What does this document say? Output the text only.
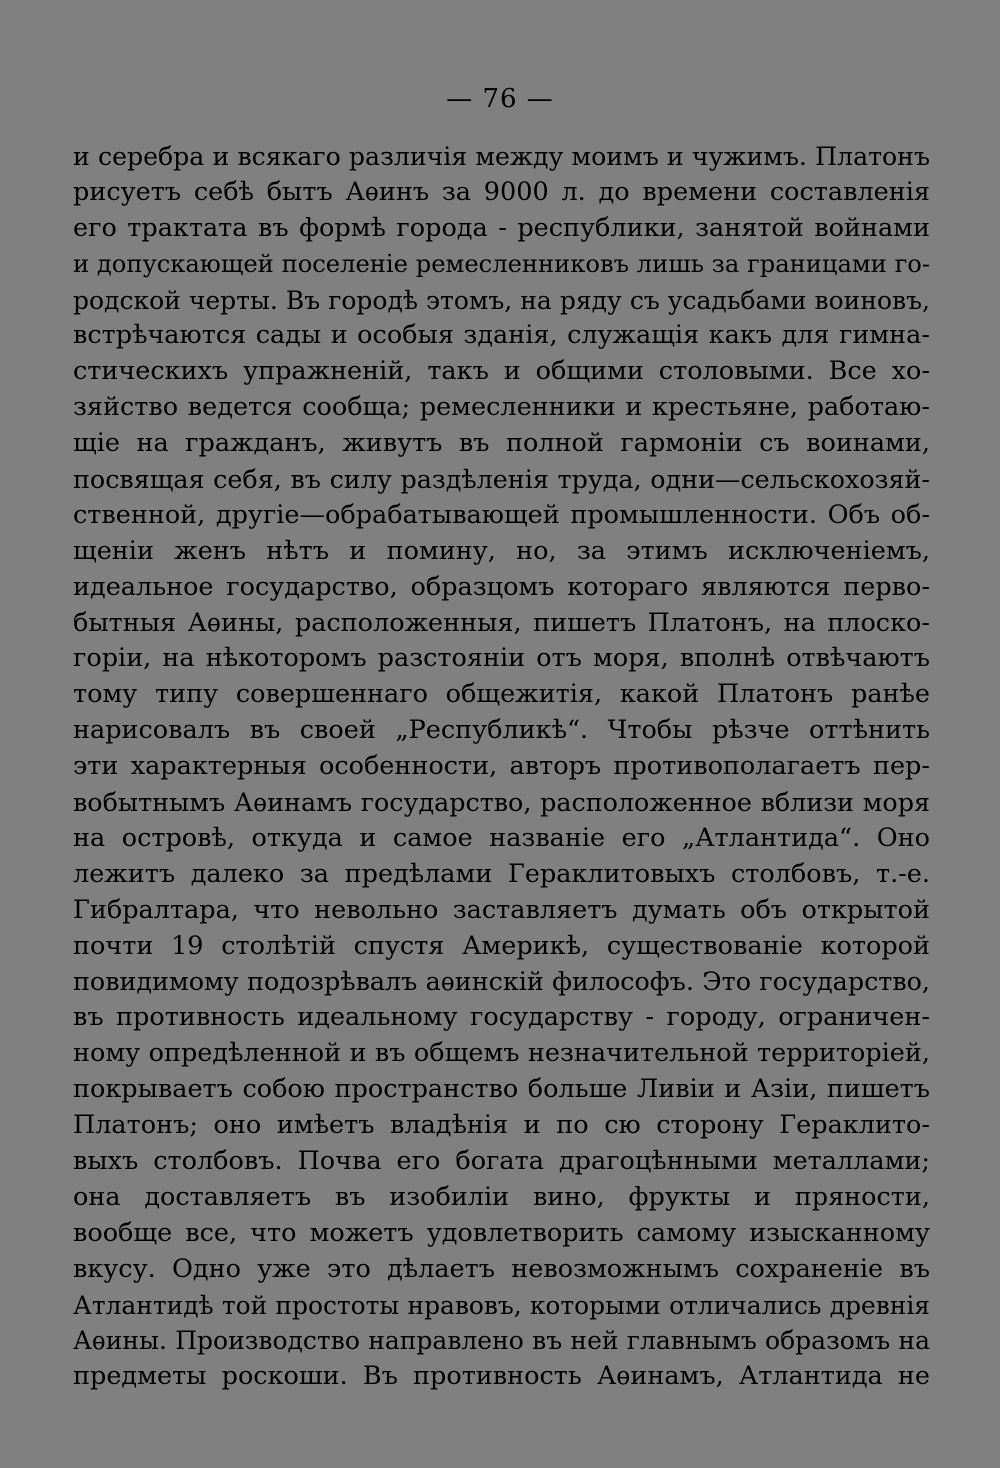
— 76 —
и серебра и всякаго различія между моимъ и чужимъ. Платонъ
рисуетъ себѣ бытъ Аѳинъ за 9000 л. до времени составленія
его трактата въ формѣ города - республики, занятой войнами
и допускающей поселеніе ремесленниковъ лишь за границами го-
родской черты. Въ городѣ этомъ, на ряду съ усадьбами воиновъ,
встрѣчаются сады и особыя зданія, служащія какъ для гимна-
стическихъ упражненій, такъ и общими столовыми. Все хо-
зяйство ведется сообща; ремесленники и крестьяне, работаю-
щіе на гражданъ, живутъ въ полной гармоніи съ воинами,
посвящая себя, въ силу раздѣленія труда, одни—сельскохозяй-
ственной, другіе—обрабатывающей промышленности. Объ об-
щеніи женъ нѣтъ и помину, но, за этимъ исключеніемъ,
идеальное государство, образцомъ котораго являются перво-
бытныя Аѳины, расположенныя, пишетъ Платонъ, на плоско-
горіи, на нѣкоторомъ разстояніи отъ моря, вполнѣ отвѣчаютъ
тому типу совершеннаго общежитія, какой Платонъ ранѣе
нарисовалъ въ своей „Республикѣ“. Чтобы рѣзче оттѣнить
эти характерныя особенности, авторъ противополагаетъ пер-
вобытнымъ Аѳинамъ государство, расположенное вблизи моря
на островѣ, откуда и самое названіе его „Атлантида“. Оно
лежитъ далеко за предѣлами Гераклитовыхъ столбовъ, т.-е.
Гибралтара, что невольно заставляетъ думать объ открытой
почти 19 столѣтій спустя Америкѣ, существованіе которой
повидимому подозрѣвалъ аѳинскій философъ. Это государство,
въ противность идеальному государству - городу, ограничен-
ному опредѣленной и въ общемъ незначительной территоріей,
покрываетъ собою пространство больше Ливіи и Азіи, пишетъ
Платонъ; оно имѣетъ владѣнія и по сю сторону Гераклито-
выхъ столбовъ. Почва его богата драгоцѣнными металлами;
она доставляетъ въ изобиліи вино, фрукты и пряности,
вообще все, что можетъ удовлетворить самому изысканному
вкусу. Одно уже это дѣлаетъ невозможнымъ сохраненіе въ
Атлантидѣ той простоты нравовъ, которыми отличались древнія
Аѳины. Производство направлено въ ней главнымъ образомъ на
предметы роскоши. Въ противность Аѳинамъ, Атлантида не
